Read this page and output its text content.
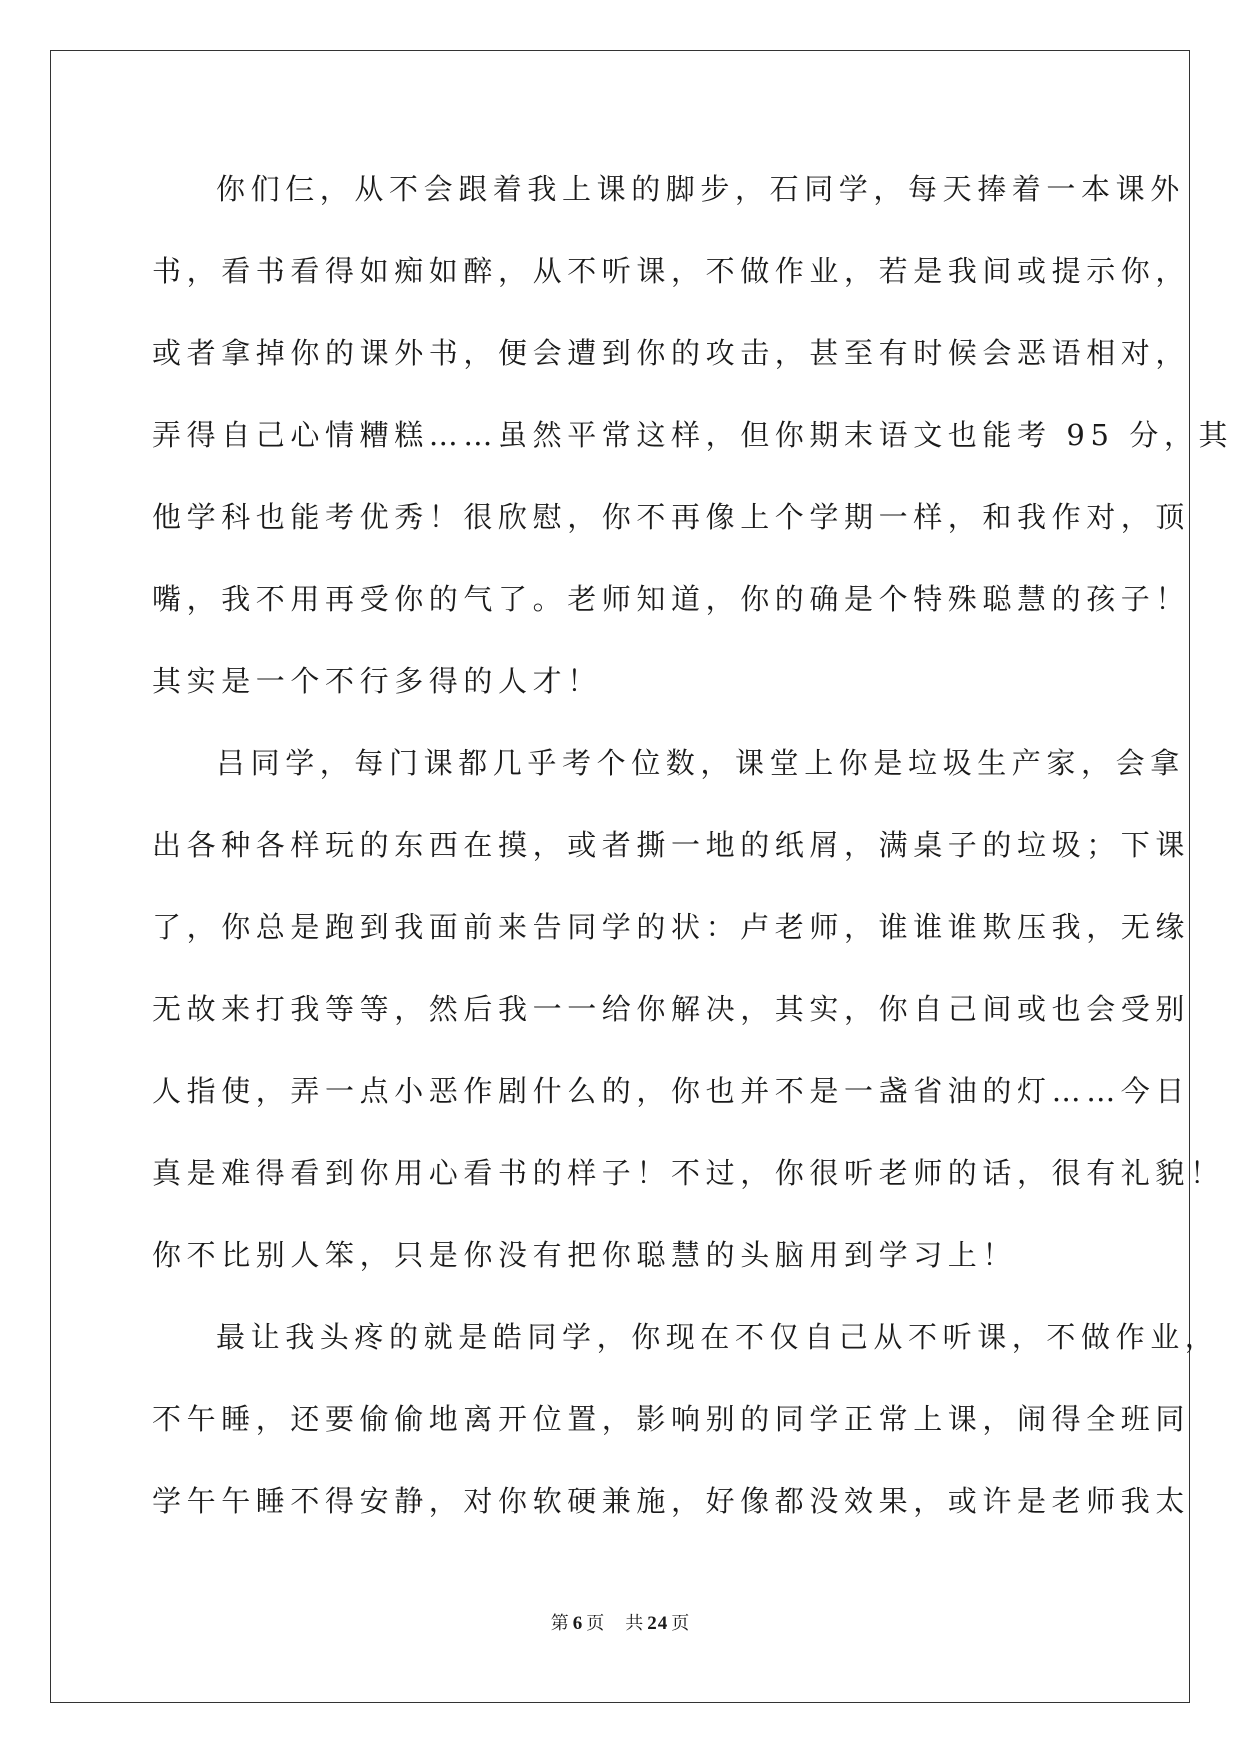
你们仨，从不会跟着我上课的脚步，石同学，每天捧着一本课外
书，看书看得如痴如醉，从不听课，不做作业，若是我间或提示你，
或者拿掉你的课外书，便会遭到你的攻击，甚至有时候会恶语相对，
弄得自己心情糟糕……虽然平常这样，但你期末语文也能考 95 分，其
他学科也能考优秀！很欣慰，你不再像上个学期一样，和我作对，顶
嘴，我不用再受你的气了。老师知道，你的确是个特殊聪慧的孩子！
其实是一个不行多得的人才！
吕同学，每门课都几乎考个位数，课堂上你是垃圾生产家，会拿
出各种各样玩的东西在摸，或者撕一地的纸屑，满桌子的垃圾；下课
了，你总是跑到我面前来告同学的状：卢老师，谁谁谁欺压我，无缘
无故来打我等等，然后我一一给你解决，其实，你自己间或也会受别
人指使，弄一点小恶作剧什么的，你也并不是一盏省油的灯……今日
真是难得看到你用心看书的样子！不过，你很听老师的话，很有礼貌！
你不比别人笨，只是你没有把你聪慧的头脑用到学习上！
最让我头疼的就是皓同学，你现在不仅自己从不听课，不做作业，
不午睡，还要偷偷地离开位置，影响别的同学正常上课，闹得全班同
学午午睡不得安静，对你软硬兼施，好像都没效果，或许是老师我太
第 6 页 共 24 页
